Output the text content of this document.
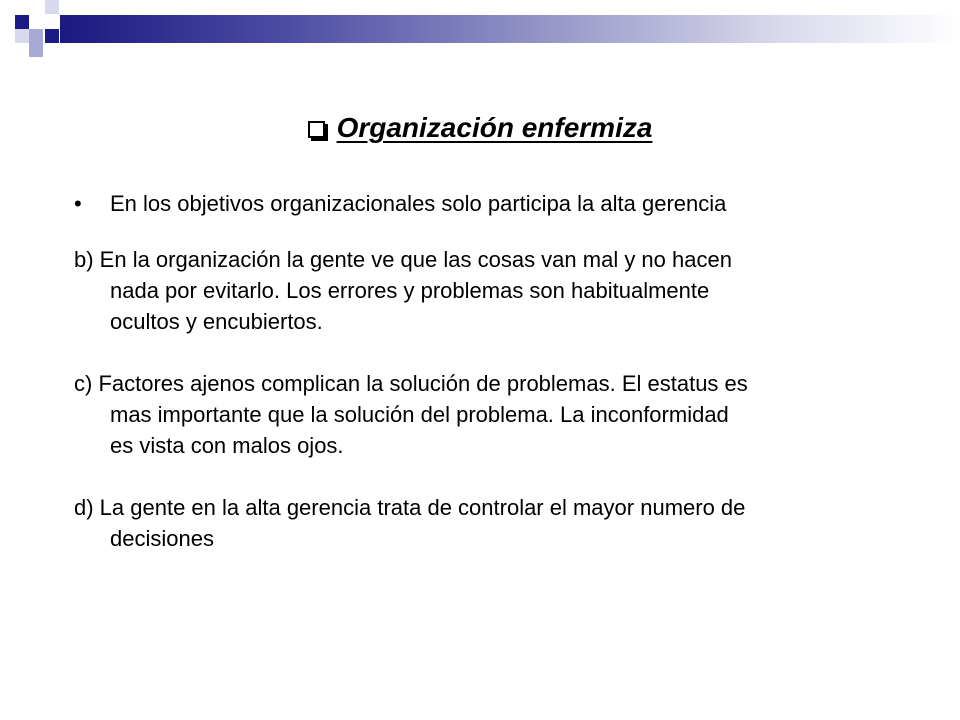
Organización enfermiza
• En los objetivos organizacionales solo participa la alta gerencia
b) En la organización la gente ve que las cosas van mal y no hacen
nada por evitarlo. Los errores y problemas son habitualmente
ocultos y encubiertos.
c) Factores ajenos complican la solución de problemas. El estatus es
mas importante que la solución del problema. La inconformidad
es vista con malos ojos.
d) La gente en la alta gerencia trata de controlar el mayor numero de
decisiones
